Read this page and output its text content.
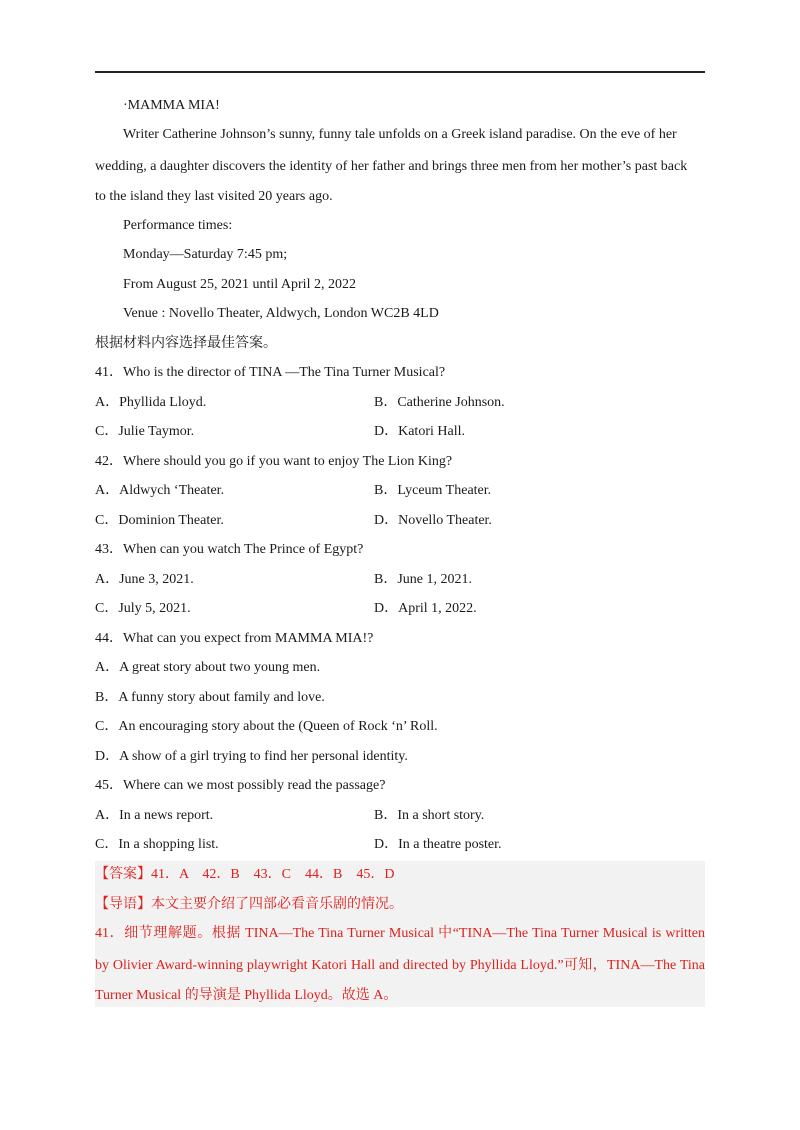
·MAMMA MIA!
Writer Catherine Johnson’s sunny, funny tale unfolds on a Greek island paradise. On the eve of her
wedding, a daughter discovers the identity of her father and brings three men from her mother’s past back
to the island they last visited 20 years ago.
Performance times:
Monday—Saturday 7:45 pm;
From August 25, 2021 until April 2, 2022
Venue : Novello Theater, Aldwych, London WC2B 4LD
根据材料内容选择最佳答案。
41．Who is the director of TINA —The Tina Turner Musical?
A．Phyllida Lloyd.	B．Catherine Johnson.
C．Julie Taymor.	D．Katori Hall.
42．Where should you go if you want to enjoy The Lion King?
A．Aldwych ‘Theater.	B．Lyceum Theater.
C．Dominion Theater.	D．Novello Theater.
43．When can you watch The Prince of Egypt?
A．June 3, 2021.	B．June 1, 2021.
C．July 5, 2021.	D．April 1, 2022.
44．What can you expect from MAMMA MIA!?
A．A great story about two young men.
B．A funny story about family and love.
C．An encouraging story about the (Queen of Rock ‘n’ Roll.
D．A show of a girl trying to find her personal identity.
45．Where can we most possibly read the passage?
A．In a news report.	B．In a short story.
C．In a shopping list.	D．In a theatre poster.
【答案】41．A　42．B　43．C　44．B　45．D
【导语】本文主要介绍了四部必看音乐剧的情况。
41．细节理解题。根据 TINA—The Tina Turner Musical 中“TINA—The Tina Turner Musical is written
by Olivier Award-winning playwright Katori Hall and directed by Phyllida Lloyd.”可知，TINA—The Tina
Turner Musical 的导演是 Phyllida Lloyd。故选 A。
